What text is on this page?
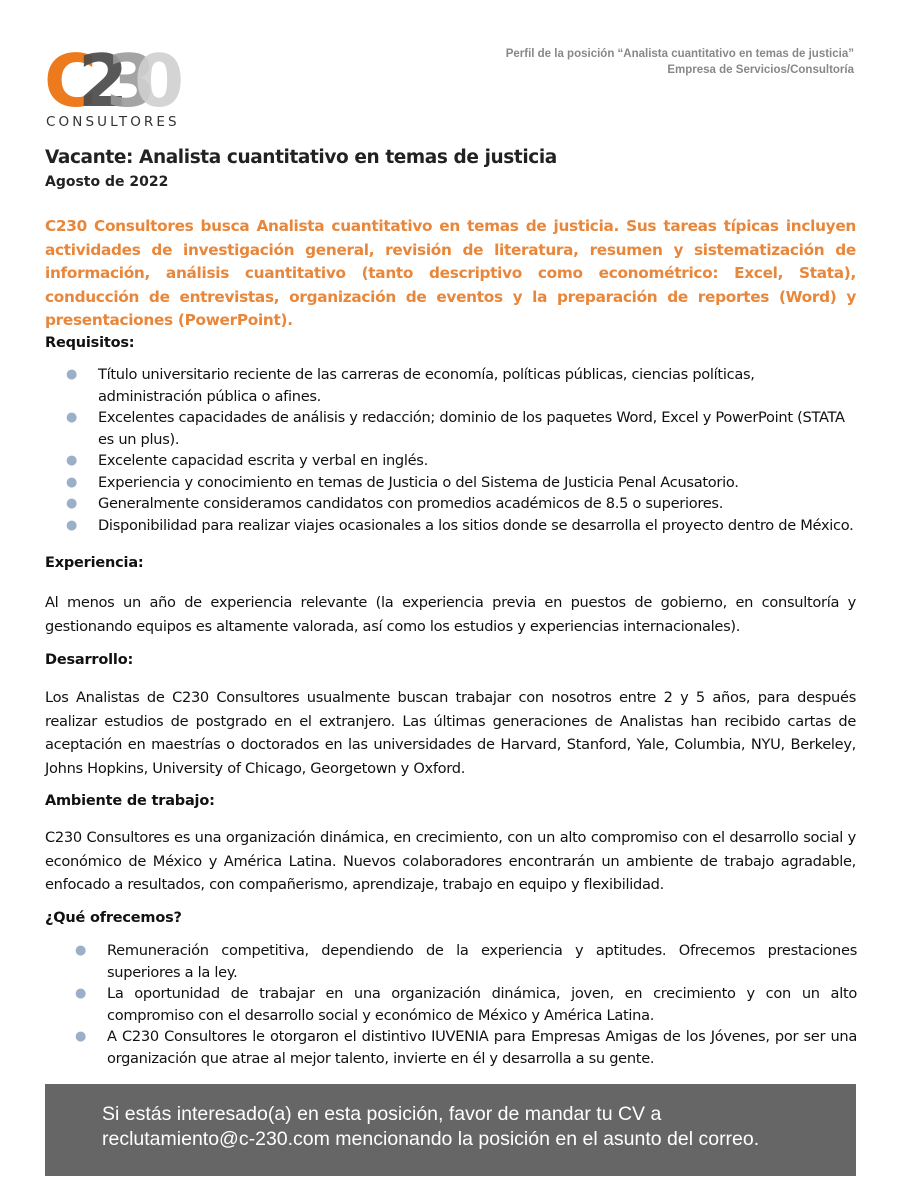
C
2
3
0
CONSULTORES
Perfil de la posición “Analista cuantitativo en temas de justicia”
Empresa de Servicios/Consultoría
Vacante: Analista cuantitativo en temas de justicia
Agosto de 2022
C230 Consultores busca Analista cuantitativo en temas de justicia. Sus tareas típicas incluyen actividades de investigación general, revisión de literatura, resumen y sistematización de información, análisis cuantitativo (tanto descriptivo como econométrico: Excel, Stata), conducción de entrevistas, organización de eventos y la preparación de reportes (Word) y presentaciones (PowerPoint).
Requisitos:
● Título universitario reciente de las carreras de economía, políticas públicas, ciencias políticas, administración pública o afines.
● Excelentes capacidades de análisis y redacción; dominio de los paquetes Word, Excel y PowerPoint (STATA es un plus).
● Excelente capacidad escrita y verbal en inglés.
● Experiencia y conocimiento en temas de Justicia o del Sistema de Justicia Penal Acusatorio.
● Generalmente consideramos candidatos con promedios académicos de 8.5 o superiores.
● Disponibilidad para realizar viajes ocasionales a los sitios donde se desarrolla el proyecto dentro de México.
Experiencia:

Al menos un año de experiencia relevante (la experiencia previa en puestos de gobierno, en consultoría y gestionando equipos es altamente valorada, así como los estudios y experiencias internacionales).

Desarrollo:

Los Analistas de C230 Consultores usualmente buscan trabajar con nosotros entre 2 y 5 años, para después realizar estudios de postgrado en el extranjero. Las últimas generaciones de Analistas han recibido cartas de aceptación en maestrías o doctorados en las universidades de Harvard, Stanford, Yale, Columbia, NYU, Berkeley, Johns Hopkins, University of Chicago, Georgetown y Oxford.

Ambiente de trabajo:

C230 Consultores es una organización dinámica, en crecimiento, con un alto compromiso con el desarrollo social y económico de México y América Latina. Nuevos colaboradores encontrarán un ambiente de trabajo agradable, enfocado a resultados, con compañerismo, aprendizaje, trabajo en equipo y flexibilidad.

¿Qué ofrecemos?
● Remuneración competitiva, dependiendo de la experiencia y aptitudes. Ofrecemos prestaciones superiores a la ley.
● La oportunidad de trabajar en una organización dinámica, joven, en crecimiento y con un alto compromiso con el desarrollo social y económico de México y América Latina.
● A C230 Consultores le otorgaron el distintivo IUVENIA para Empresas Amigas de los Jóvenes, por ser una organización que atrae al mejor talento, invierte en él y desarrolla a su gente.
Si estás interesado(a) en esta posición, favor de mandar tu CV a
reclutamiento@c-230.com mencionando la posición en el asunto del correo.
